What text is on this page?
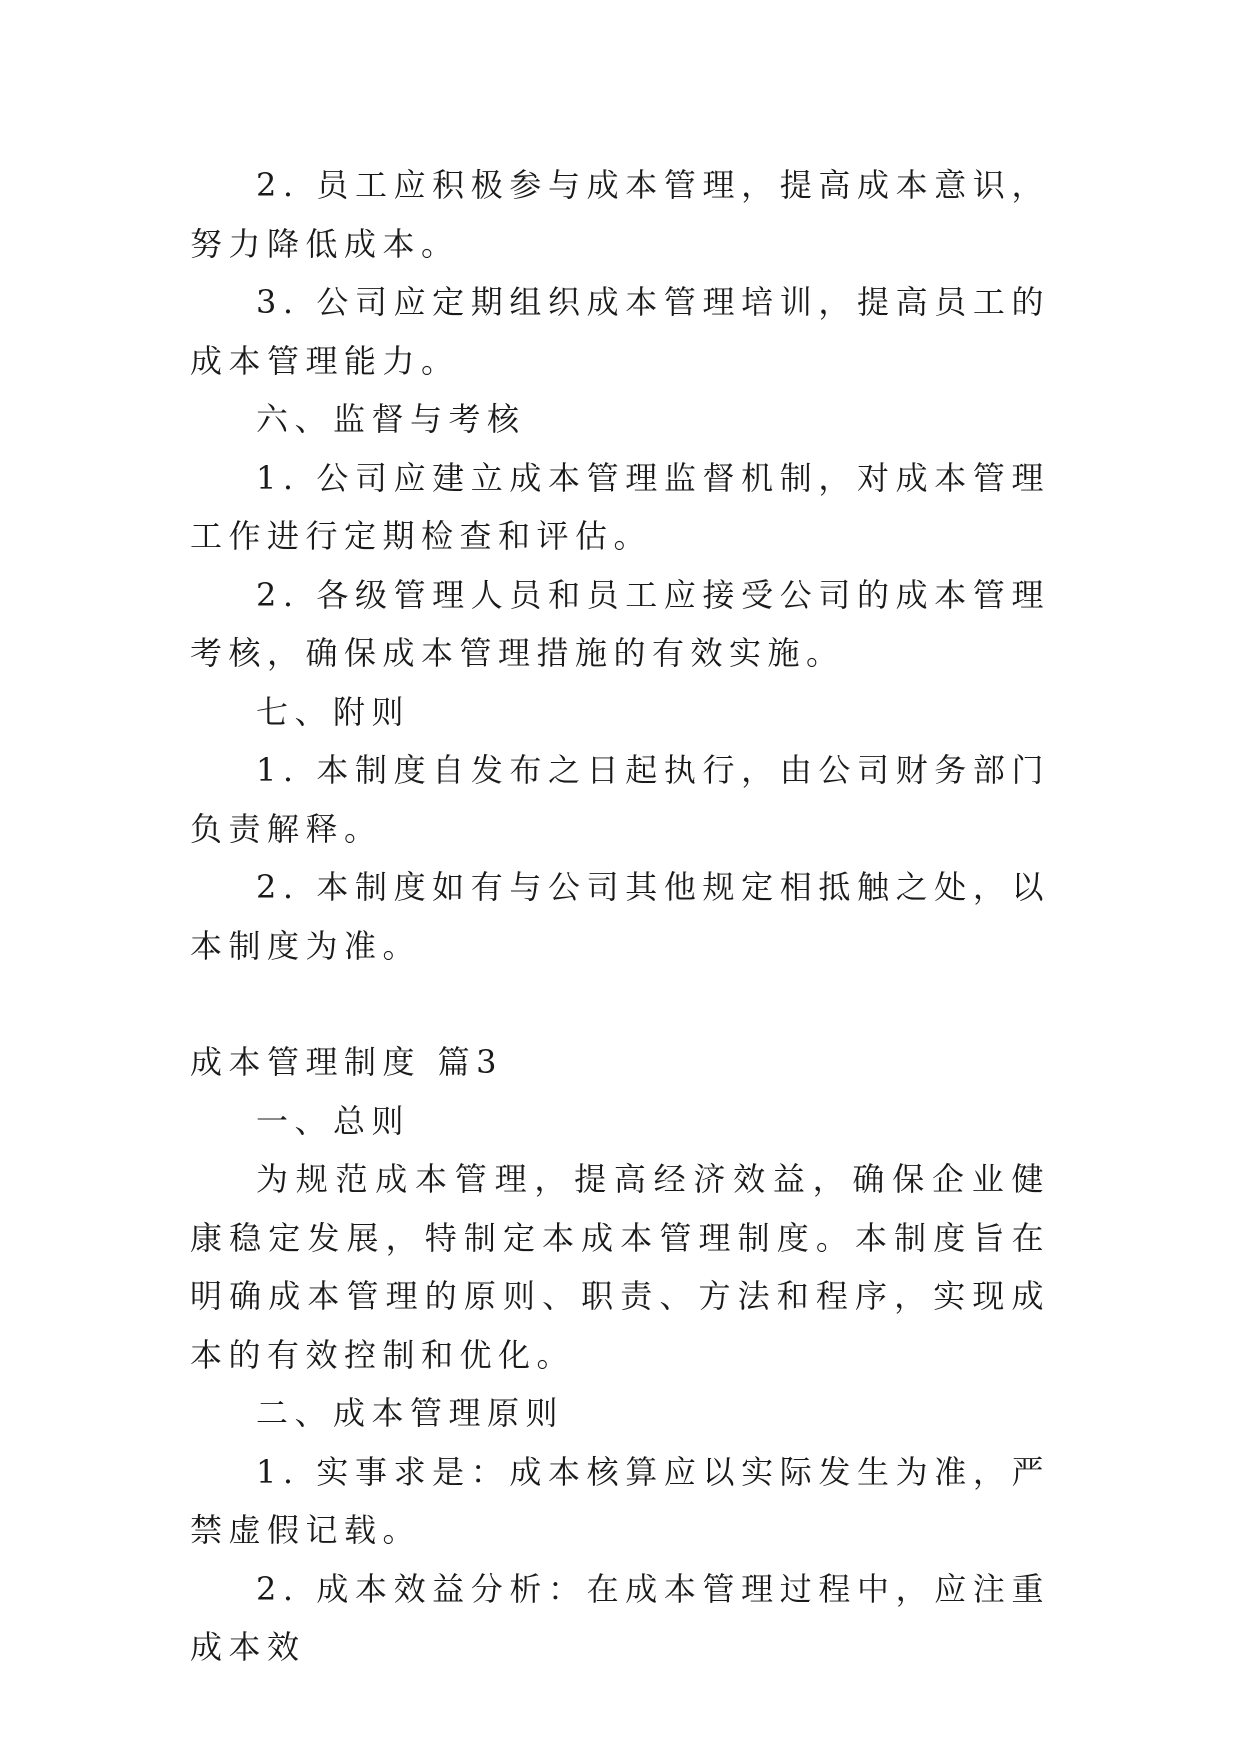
2. 员工应积极参与成本管理，提高成本意识，努力降低成本。

3. 公司应定期组织成本管理培训，提高员工的成本管理能力。

六、监督与考核

1. 公司应建立成本管理监督机制，对成本管理工作进行定期检查和评估。

2. 各级管理人员和员工应接受公司的成本管理考核，确保成本管理措施的有效实施。

七、附则

1. 本制度自发布之日起执行，由公司财务部门负责解释。

2. 本制度如有与公司其他规定相抵触之处，以本制度为准。

成本管理制度 篇3

一、总则

为规范成本管理，提高经济效益，确保企业健康稳定发展，特制定本成本管理制度。本制度旨在明确成本管理的原则、职责、方法和程序，实现成本的有效控制和优化。

二、成本管理原则

1. 实事求是：成本核算应以实际发生为准，严禁虚假记载。

2. 成本效益分析：在成本管理过程中，应注重成本效
